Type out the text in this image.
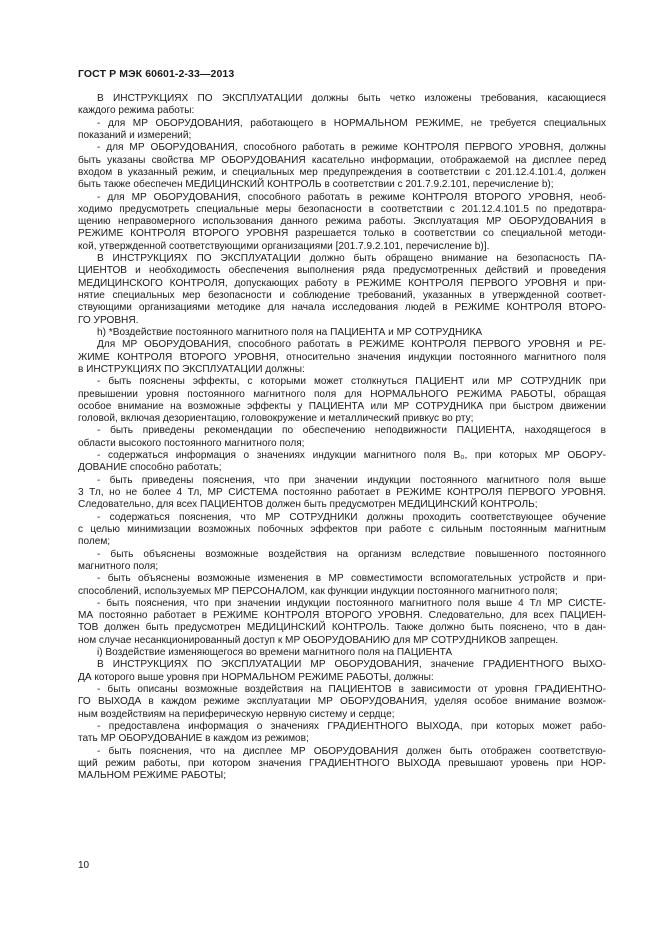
ГОСТ Р МЭК 60601-2-33—2013
В ИНСТРУКЦИЯХ ПО ЭКСПЛУАТАЦИИ должны быть четко изложены требования, касающиеся
каждого режима работы:
- для МР ОБОРУДОВАНИЯ, работающего в НОРМАЛЬНОМ РЕЖИМЕ, не требуется специальных
показаний и измерений;
- для МР ОБОРУДОВАНИЯ, способного работать в режиме КОНТРОЛЯ ПЕРВОГО УРОВНЯ, должны
быть указаны свойства МР ОБОРУДОВАНИЯ касательно информации, отображаемой на дисплее перед
входом в указанный режим, и специальных мер предупреждения в соответствии с 201.12.4.101.4, должен
быть также обеспечен МЕДИЦИНСКИЙ КОНТРОЛЬ в соответствии с 201.7.9.2.101, перечисление b);
- для МР ОБОРУДОВАНИЯ, способного работать в режиме КОНТРОЛЯ ВТОРОГО УРОВНЯ, необ-
ходимо предусмотреть специальные меры безопасности в соответствии с 201.12.4.101.5 по предотвра-
щению неправомерного использования данного режима работы. Эксплуатация МР ОБОРУДОВАНИЯ в
РЕЖИМЕ КОНТРОЛЯ ВТОРОГО УРОВНЯ разрешается только в соответствии со специальной методи-
кой, утвержденной соответствующими организациями [201.7.9.2.101, перечисление b)].
В ИНСТРУКЦИЯХ ПО ЭКСПЛУАТАЦИИ должно быть обращено внимание на безопасность ПА-
ЦИЕНТОВ и необходимость обеспечения выполнения ряда предусмотренных действий и проведения
МЕДИЦИНСКОГО КОНТРОЛЯ, допускающих работу в РЕЖИМЕ КОНТРОЛЯ ПЕРВОГО УРОВНЯ и при-
нятие специальных мер безопасности и соблюдение требований, указанных в утвержденной соответ-
ствующими организациями методике для начала исследования людей в РЕЖИМЕ КОНТРОЛЯ ВТОРО-
ГО УРОВНЯ.
h) *Воздействие постоянного магнитного поля на ПАЦИЕНТА и МР СОТРУДНИКА
Для МР ОБОРУДОВАНИЯ, способного работать в РЕЖИМЕ КОНТРОЛЯ ПЕРВОГО УРОВНЯ и РЕ-
ЖИМЕ КОНТРОЛЯ ВТОРОГО УРОВНЯ, относительно значения индукции постоянного магнитного поля
в ИНСТРУКЦИЯХ ПО ЭКСПЛУАТАЦИИ должны:
- быть пояснены эффекты, с которыми может столкнуться ПАЦИЕНТ или МР СОТРУДНИК при
превышении уровня постоянного магнитного поля для НОРМАЛЬНОГО РЕЖИМА РАБОТЫ, обращая
особое внимание на возможные эффекты у ПАЦИЕНТА или МР СОТРУДНИКА при быстром движении
головой, включая дезориентацию, головокружение и металлический привкус во рту;
- быть приведены рекомендации по обеспечению неподвижности ПАЦИЕНТА, находящегося в
области высокого постоянного магнитного поля;
- содержаться информация о значениях индукции магнитного поля B₀, при которых МР ОБОРУ-
ДОВАНИЕ способно работать;
- быть приведены пояснения, что при значении индукции постоянного магнитного поля выше
3 Тл, но не более 4 Тл, МР СИСТЕМА постоянно работает в РЕЖИМЕ КОНТРОЛЯ ПЕРВОГО УРОВНЯ.
Следовательно, для всех ПАЦИЕНТОВ должен быть предусмотрен МЕДИЦИНСКИЙ КОНТРОЛЬ;
- содержаться пояснения, что МР СОТРУДНИКИ должны проходить соответствующее обучение
с целью минимизации возможных побочных эффектов при работе с сильным постоянным магнитным
полем;
- быть объяснены возможные воздействия на организм вследствие повышенного постоянного
магнитного поля;
- быть объяснены возможные изменения в МР совместимости вспомогательных устройств и при-
способлений, используемых МР ПЕРСОНАЛОМ, как функции индукции постоянного магнитного поля;
- быть пояснения, что при значении индукции постоянного магнитного поля выше 4 Тл МР СИСТЕ-
МА постоянно работает в РЕЖИМЕ КОНТРОЛЯ ВТОРОГО УРОВНЯ. Следовательно, для всех ПАЦИЕН-
ТОВ должен быть предусмотрен МЕДИЦИНСКИЙ КОНТРОЛЬ. Также должно быть пояснено, что в дан-
ном случае несанкционированный доступ к МР ОБОРУДОВАНИЮ для МР СОТРУДНИКОВ запрещен.
i) Воздействие изменяющегося во времени магнитного поля на ПАЦИЕНТА
В ИНСТРУКЦИЯХ ПО ЭКСПЛУАТАЦИИ МР ОБОРУДОВАНИЯ, значение ГРАДИЕНТНОГО ВЫХО-
ДА которого выше уровня при НОРМАЛЬНОМ РЕЖИМЕ РАБОТЫ, должны:
- быть описаны возможные воздействия на ПАЦИЕНТОВ в зависимости от уровня ГРАДИЕНТНО-
ГО ВЫХОДА в каждом режиме эксплуатации МР ОБОРУДОВАНИЯ, уделяя особое внимание возмож-
ным воздействиям на периферическую нервную систему и сердце;
- предоставлена информация о значениях ГРАДИЕНТНОГО ВЫХОДА, при которых может рабо-
тать МР ОБОРУДОВАНИЕ в каждом из режимов;
- быть пояснения, что на дисплее МР ОБОРУДОВАНИЯ должен быть отображен соответствую-
щий режим работы, при котором значения ГРАДИЕНТНОГО ВЫХОДА превышают уровень при НОР-
МАЛЬНОМ РЕЖИМЕ РАБОТЫ;
10
